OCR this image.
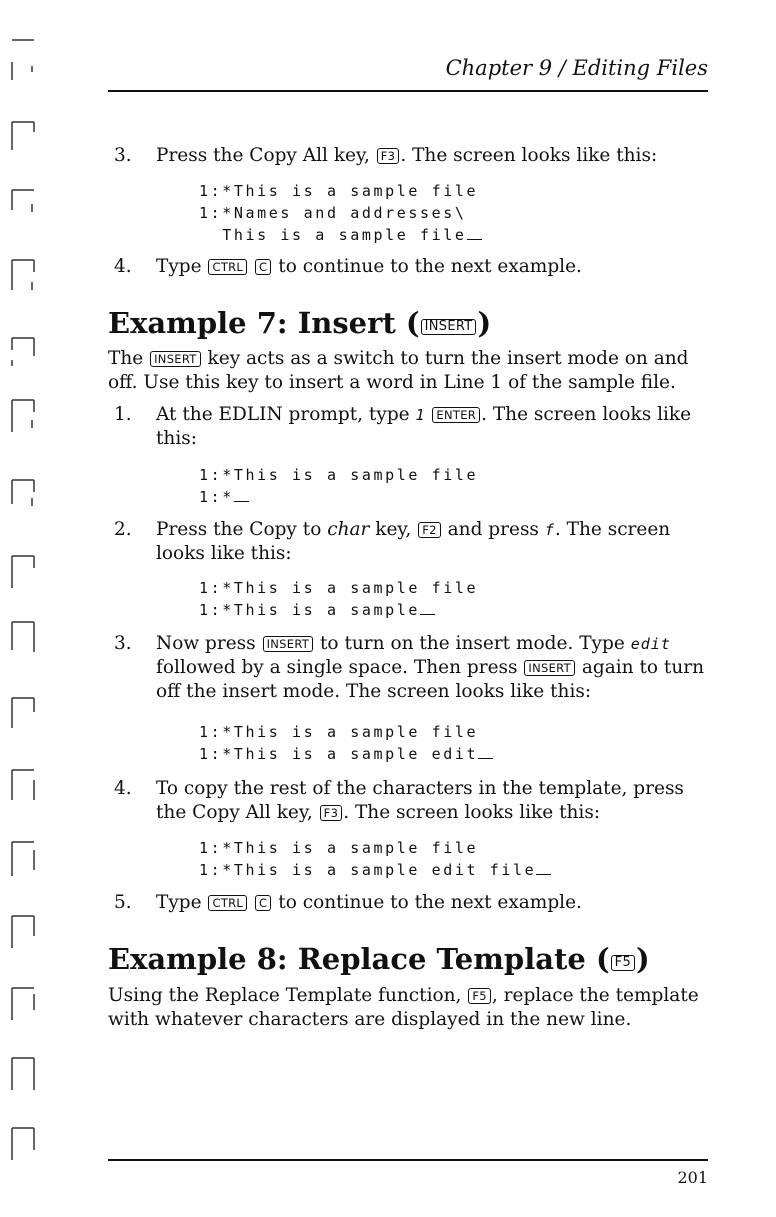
Chapter 9 / Editing Files
3. Press the Copy All key, F3 . The screen looks like this:

1:*This is a sample file
1:*Names and addresses\
This is a sample file
4. Type CTRL C to continue to the next example.

Example 7: Insert ( INSERT )

The INSERT key acts as a switch to turn the insert mode on and off. Use this key to insert a word in Line 1 of the sample file.

1. At the EDLIN prompt, type 1 ENTER . The screen looks like this:

1:*This is a sample file
1:*
2. Press the Copy to char key, F2 and press f. The screen looks like this:

1:*This is a sample file
1:*This is a sample
3. Now press INSERT to turn on the insert mode. Type edit followed by a single space. Then press INSERT again to turn off the insert mode. The screen looks like this:

1:*This is a sample file
1:*This is a sample edit
4. To copy the rest of the characters in the template, press the Copy All key, F3 . The screen looks like this:

1:*This is a sample file
1:*This is a sample edit file
5. Type CTRL C to continue to the next example.

Example 8: Replace Template ( F5 )

Using the Replace Template function, F5 , replace the template with whatever characters are displayed in the new line.

201
